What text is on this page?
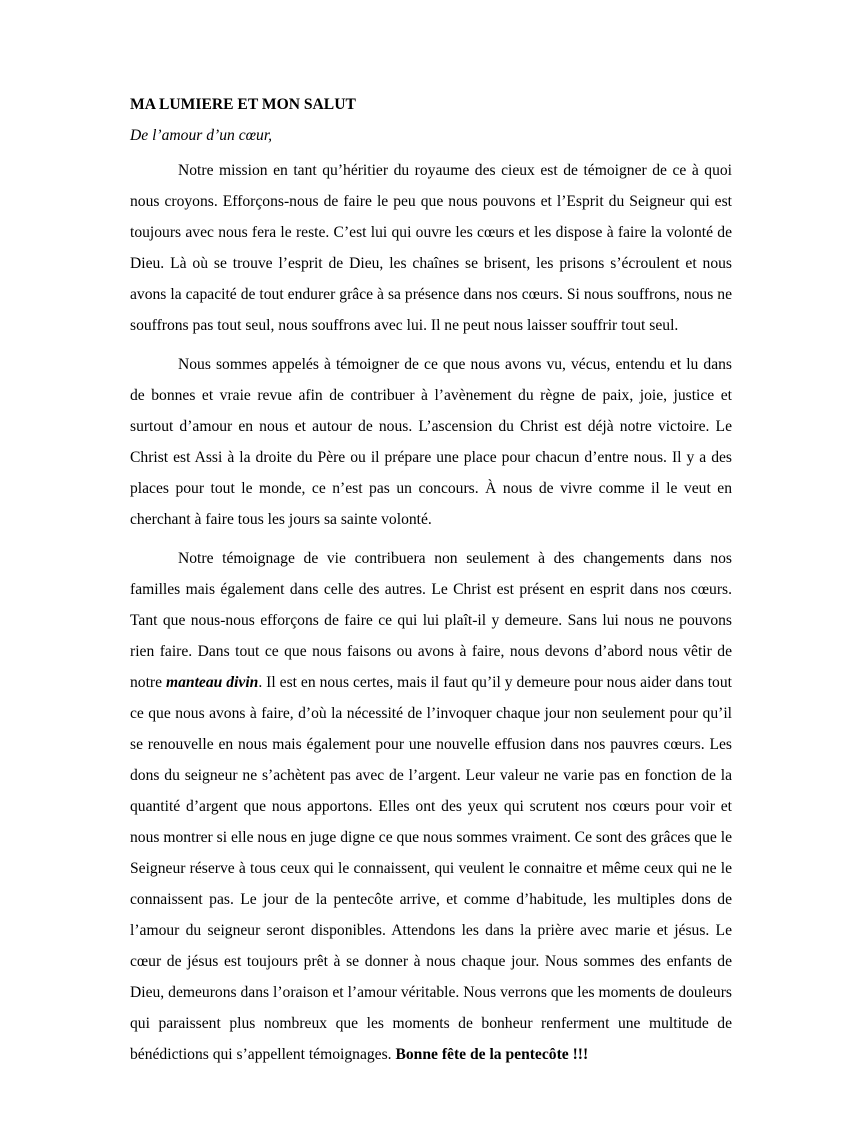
MA LUMIERE ET MON SALUT

De l’amour d’un cœur,

Notre mission en tant qu’héritier du royaume des cieux est de témoigner de ce à quoi nous croyons. Efforçons-nous de faire le peu que nous pouvons et l’Esprit du Seigneur qui est toujours avec nous fera le reste. C’est lui qui ouvre les cœurs et les dispose à faire la volonté de Dieu. Là où se trouve l’esprit de Dieu, les chaînes se brisent, les prisons s’écroulent et nous avons la capacité de tout endurer grâce à sa présence dans nos cœurs. Si nous souffrons, nous ne souffrons pas tout seul, nous souffrons avec lui. Il ne peut nous laisser souffrir tout seul.

Nous sommes appelés à témoigner de ce que nous avons vu, vécus, entendu et lu dans de bonnes et vraie revue afin de contribuer à l’avènement du règne de paix, joie, justice et surtout d’amour en nous et autour de nous. L’ascension du Christ est déjà notre victoire. Le Christ est Assi à la droite du Père ou il prépare une place pour chacun d’entre nous. Il y a des places pour tout le monde, ce n’est pas un concours. À nous de vivre comme il le veut en cherchant à faire tous les jours sa sainte volonté.

Notre témoignage de vie contribuera non seulement à des changements dans nos familles mais également dans celle des autres. Le Christ est présent en esprit dans nos cœurs. Tant que nous-nous efforçons de faire ce qui lui plaît-il y demeure. Sans lui nous ne pouvons rien faire. Dans tout ce que nous faisons ou avons à faire, nous devons d’abord nous vêtir de notre manteau divin. Il est en nous certes, mais il faut qu’il y demeure pour nous aider dans tout ce que nous avons à faire, d’où la nécessité de l’invoquer chaque jour non seulement pour qu’il se renouvelle en nous mais également pour une nouvelle effusion dans nos pauvres cœurs. Les dons du seigneur ne s’achètent pas avec de l’argent. Leur valeur ne varie pas en fonction de la quantité d’argent que nous apportons. Elles ont des yeux qui scrutent nos cœurs pour voir et nous montrer si elle nous en juge digne ce que nous sommes vraiment. Ce sont des grâces que le Seigneur réserve à tous ceux qui le connaissent, qui veulent le connaitre et même ceux qui ne le connaissent pas. Le jour de la pentecôte arrive, et comme d’habitude, les multiples dons de l’amour du seigneur seront disponibles. Attendons les dans la prière avec marie et jésus. Le cœur de jésus est toujours prêt à se donner à nous chaque jour. Nous sommes des enfants de Dieu, demeurons dans l’oraison et l’amour véritable. Nous verrons que les moments de douleurs qui paraissent plus nombreux que les moments de bonheur renferment une multitude de bénédictions qui s’appellent témoignages. Bonne fête de la pentecôte !!!
